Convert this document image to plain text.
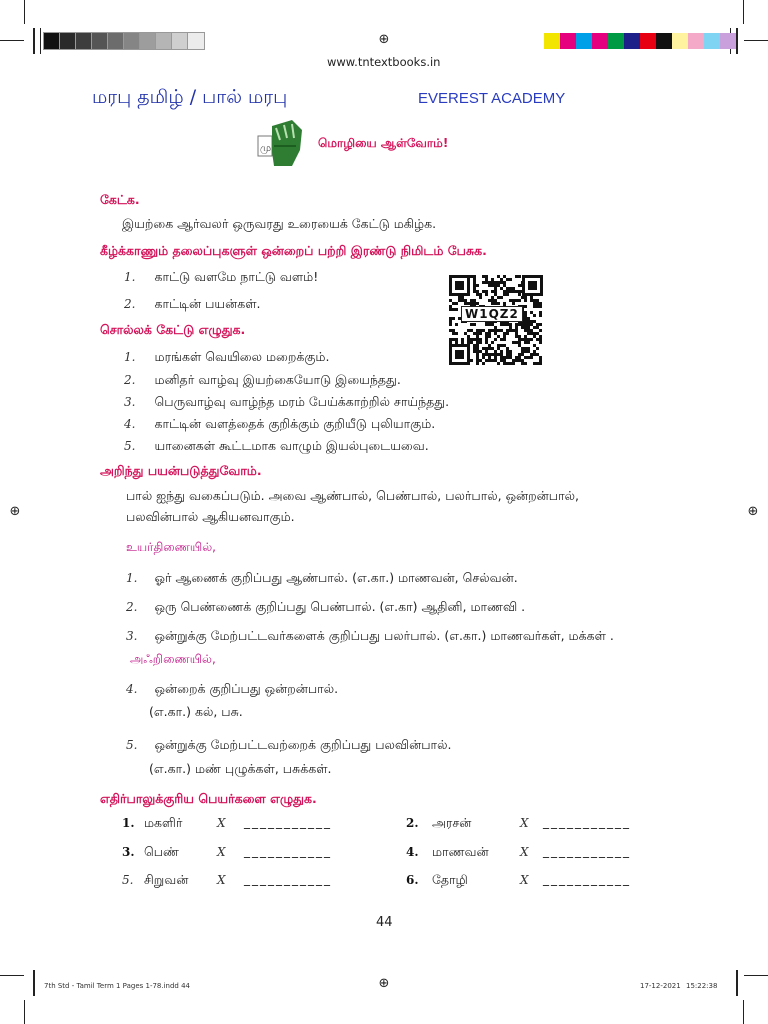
⊕
⊕	⊕
⊕
www.tntextbooks.in
மரபு தமிழ் / பால் மரபு	EVEREST ACADEMY
மு	மொழியை ஆள்வோம்!
கேட்க.
இயற்கை ஆர்வலர் ஒருவரது உரையைக் கேட்டு மகிழ்க.
கீழ்க்காணும் தலைப்புகளுள் ஒன்றைப் பற்றி இரண்டு நிமிடம் பேசுக.
1. காட்டு வளமே நாட்டு வளம்!
2. காட்டின் பயன்கள்.
W1QZ2
சொல்லக் கேட்டு எழுதுக.
1. மரங்கள் வெயிலை மறைக்கும்.
2. மனிதர் வாழ்வு இயற்கையோடு இயைந்தது.
3. பெருவாழ்வு வாழ்ந்த மரம் பேய்க்காற்றில் சாய்ந்தது.
4. காட்டின் வளத்தைக் குறிக்கும் குறியீடு புலியாகும்.
5. யானைகள் கூட்டமாக வாழும் இயல்புடையவை.
அறிந்து பயன்படுத்துவோம்.
பால் ஐந்து வகைப்படும். அவை ஆண்பால், பெண்பால், பலர்பால், ஒன்றன்பால்,
பலவின்பால் ஆகியனவாகும்.
உயர்திணையில்,
1. ஓர் ஆணைக் குறிப்பது ஆண்பால். (எ.கா.) மாணவன், செல்வன்.
2. ஒரு பெண்ணைக் குறிப்பது பெண்பால். (எ.கா) ஆதினி, மாணவி .
3. ஒன்றுக்கு மேற்பட்டவர்களைக் குறிப்பது பலர்பால். (எ.கா.) மாணவர்கள், மக்கள் .
அஃறிணையில்,
4. ஒன்றைக் குறிப்பது ஒன்றன்பால்.
(எ.கா.) கல், பசு.
5. ஒன்றுக்கு மேற்பட்டவற்றைக் குறிப்பது பலவின்பால்.
(எ.கா.) மண் புழுக்கள், பசுக்கள்.
எதிர்பாலுக்குரிய பெயர்களை எழுதுக.
1. மகளிர்	X ___________	2. அரசன்	X ___________
3. பெண்	X ___________	4. மாணவன்	X ___________
5. சிறுவன் X ___________	6. தோழி	X ___________
44
7th Std - Tamil Term 1 Pages 1-78.indd 44	17-12-2021 15:22:38
